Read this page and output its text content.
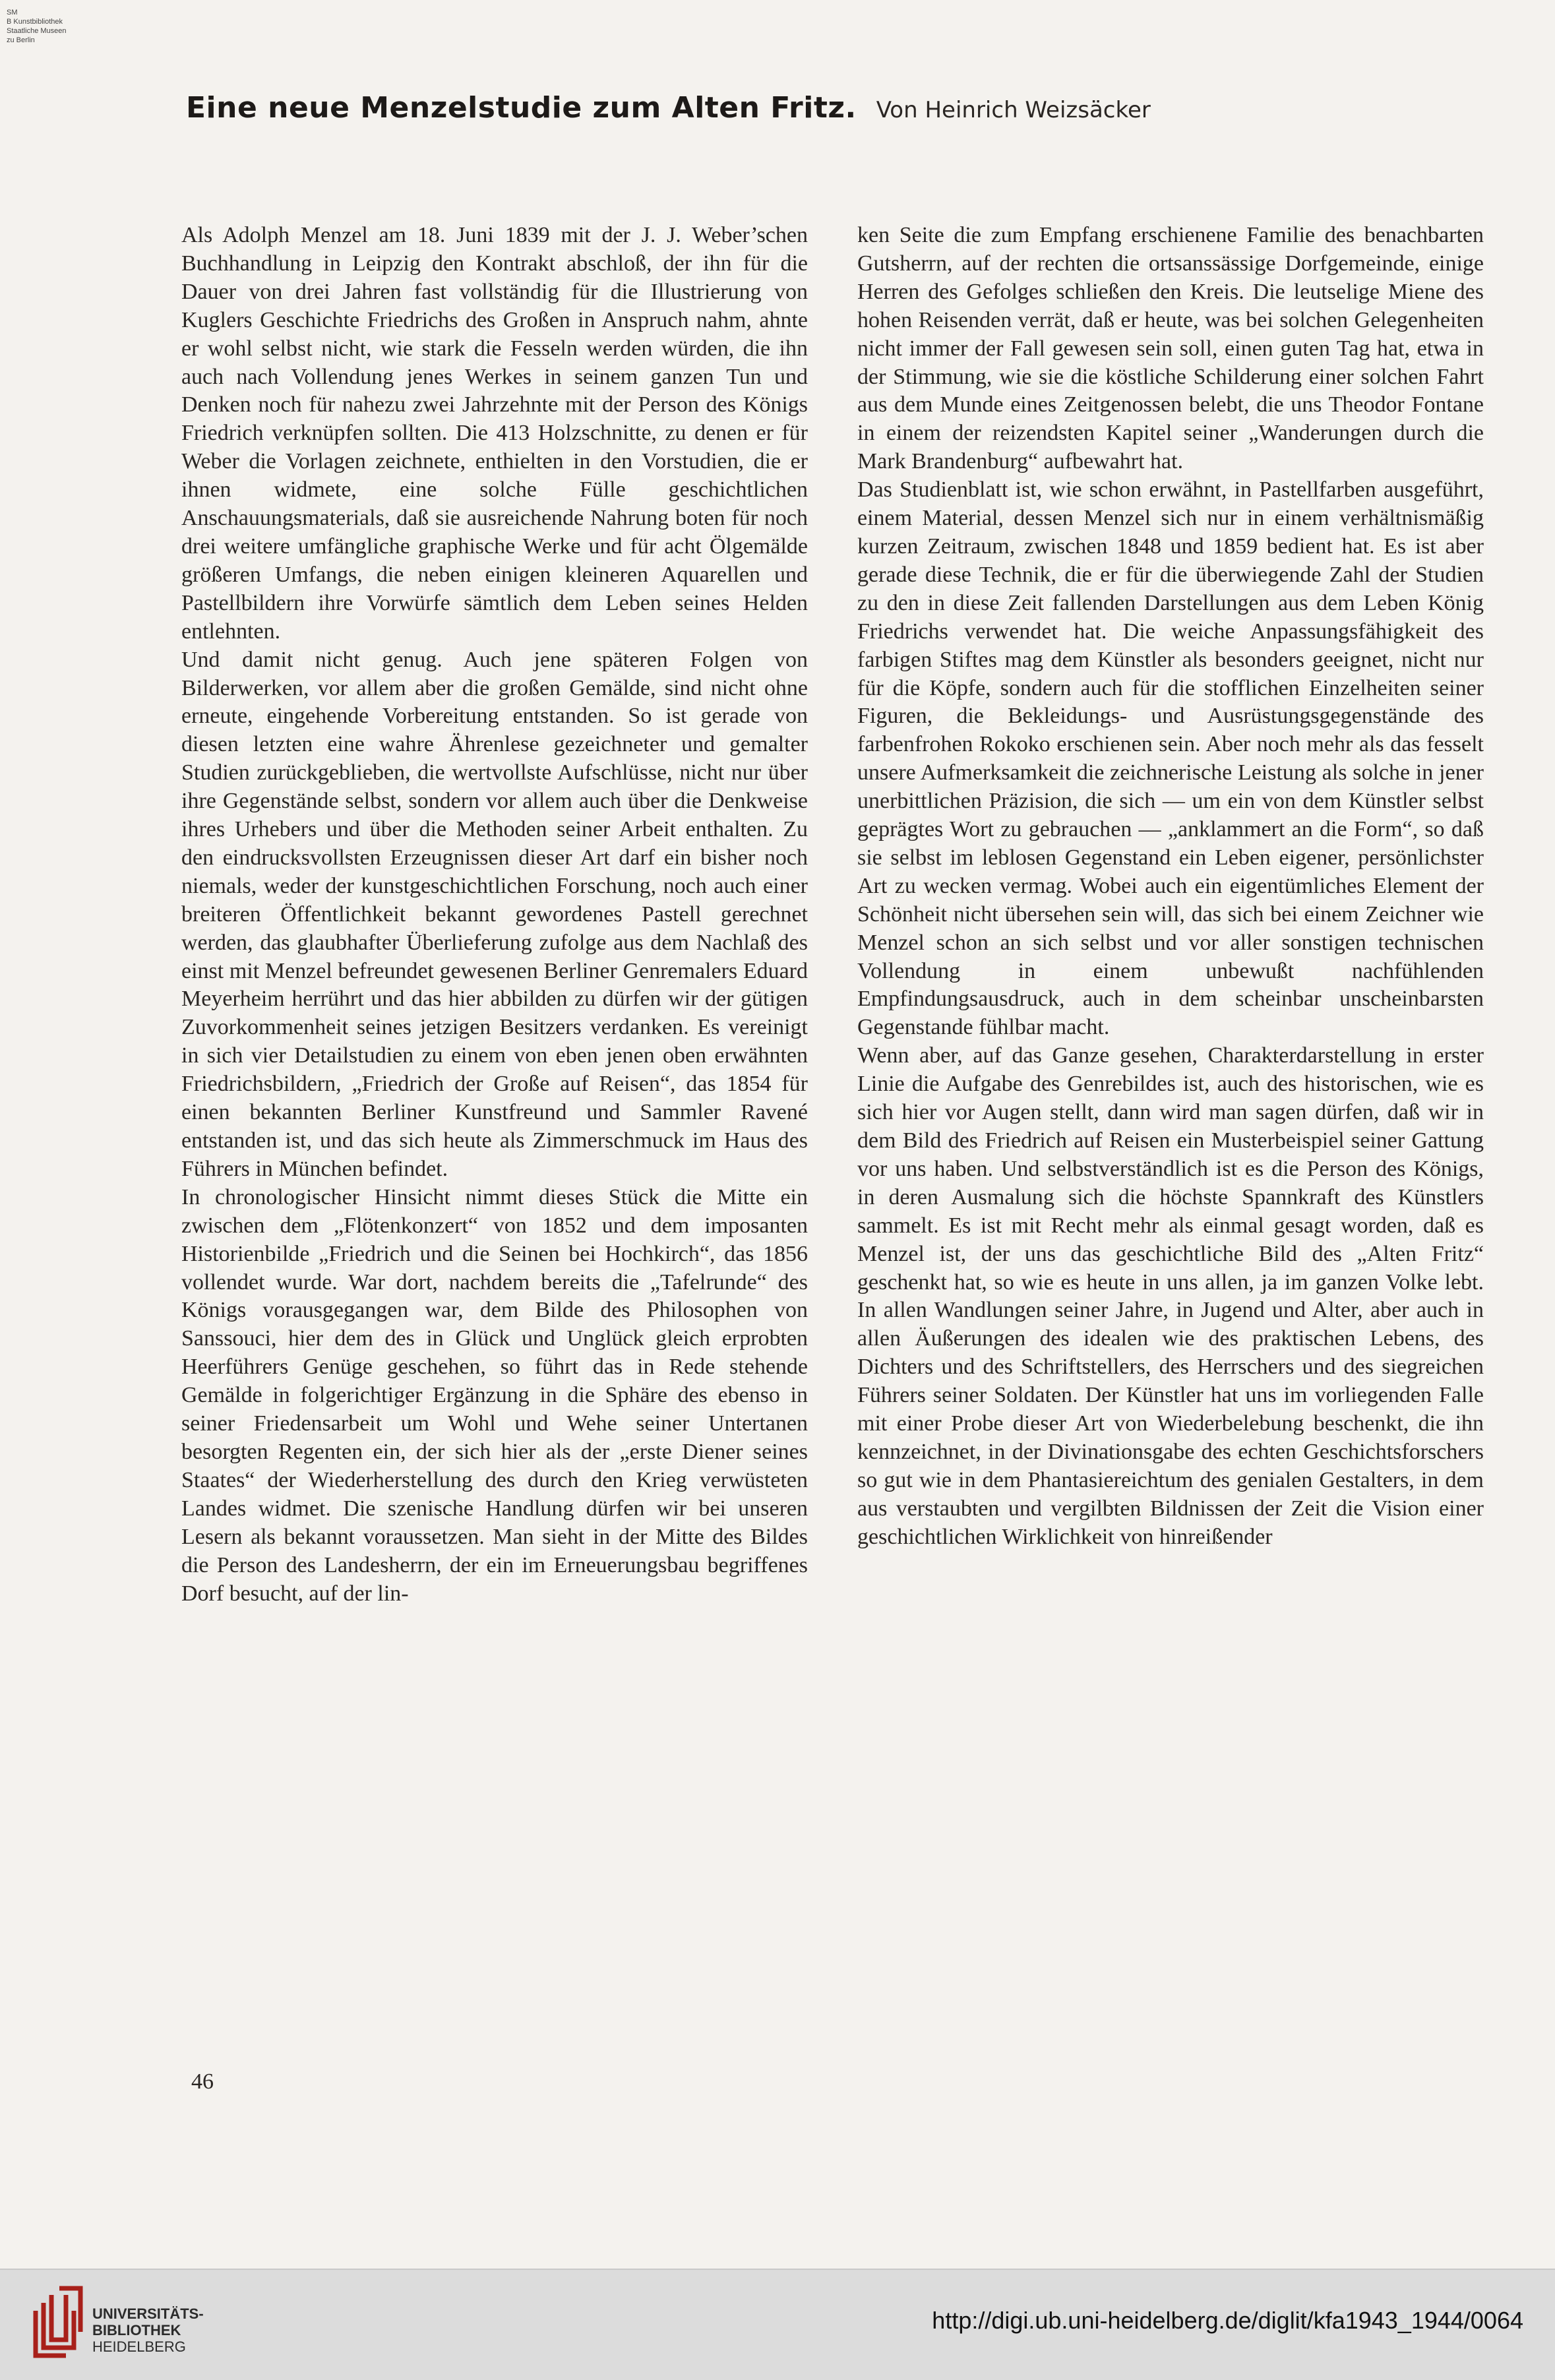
SM
B Kunstbibliothek
Staatliche Museen
zu Berlin
Eine neue Menzelstudie zum Alten Fritz. Von Heinrich Weizsäcker

Als Adolph Menzel am 18. Juni 1839 mit der J. J. Weber’schen Buchhandlung in Leipzig den Kontrakt abschloß, der ihn für die Dauer von drei Jahren fast vollständig für die Illustrierung von Kuglers Geschichte Friedrichs des Großen in Anspruch nahm, ahnte er wohl selbst nicht, wie stark die Fesseln werden würden, die ihn auch nach Vollendung jenes Werkes in seinem ganzen Tun und Denken noch für nahezu zwei Jahrzehnte mit der Person des Königs Friedrich verknüpfen sollten. Die 413 Holzschnitte, zu denen er für Weber die Vorlagen zeichnete, enthielten in den Vorstudien, die er ihnen widmete, eine solche Fülle geschichtlichen Anschauungsmaterials, daß sie ausreichende Nahrung boten für noch drei weitere umfängliche graphische Werke und für acht Ölgemälde größeren Umfangs, die neben einigen kleineren Aquarellen und Pastellbildern ihre Vorwürfe sämtlich dem Leben seines Helden entlehnten.

Und damit nicht genug. Auch jene späteren Folgen von Bilderwerken, vor allem aber die großen Gemälde, sind nicht ohne erneute, eingehende Vorbereitung entstanden. So ist gerade von diesen letzten eine wahre Ährenlese gezeichneter und gemalter Studien zurückgeblieben, die wertvollste Aufschlüsse, nicht nur über ihre Gegenstände selbst, sondern vor allem auch über die Denkweise ihres Urhebers und über die Methoden seiner Arbeit enthalten. Zu den eindrucksvollsten Erzeugnissen dieser Art darf ein bisher noch niemals, weder der kunstgeschichtlichen Forschung, noch auch einer breiteren Öffentlichkeit bekannt gewordenes Pastell gerechnet werden, das glaubhafter Überlieferung zufolge aus dem Nachlaß des einst mit Menzel befreundet gewesenen Berliner Genremalers Eduard Meyerheim herrührt und das hier abbilden zu dürfen wir der gütigen Zuvorkommenheit seines jetzigen Besitzers verdanken. Es vereinigt in sich vier Detailstudien zu einem von eben jenen oben erwähnten Friedrichsbildern, „Friedrich der Große auf Reisen“, das 1854 für einen bekannten Berliner Kunstfreund und Sammler Ravené entstanden ist, und das sich heute als Zimmerschmuck im Haus des Führers in München befindet.

In chronologischer Hinsicht nimmt dieses Stück die Mitte ein zwischen dem „Flötenkonzert“ von 1852 und dem imposanten Historienbilde „Friedrich und die Seinen bei Hochkirch“, das 1856 vollendet wurde. War dort, nachdem bereits die „Tafelrunde“ des Königs vorausgegangen war, dem Bilde des Philosophen von Sanssouci, hier dem des in Glück und Unglück gleich erprobten Heerführers Genüge geschehen, so führt das in Rede stehende Gemälde in folgerichtiger Ergänzung in die Sphäre des ebenso in seiner Friedensarbeit um Wohl und Wehe seiner Untertanen besorgten Regenten ein, der sich hier als der „erste Diener seines Staates“ der Wiederherstellung des durch den Krieg verwüsteten Landes widmet. Die szenische Handlung dürfen wir bei unseren Lesern als bekannt voraussetzen. Man sieht in der Mitte des Bildes die Person des Landesherrn, der ein im Erneuerungsbau begriffenes Dorf besucht, auf der lin-

ken Seite die zum Empfang erschienene Familie des benachbarten Gutsherrn, auf der rechten die ortsanssässige Dorfgemeinde, einige Herren des Gefolges schließen den Kreis. Die leutselige Miene des hohen Reisenden verrät, daß er heute, was bei solchen Gelegenheiten nicht immer der Fall gewesen sein soll, einen guten Tag hat, etwa in der Stimmung, wie sie die köstliche Schilderung einer solchen Fahrt aus dem Munde eines Zeitgenossen belebt, die uns Theodor Fontane in einem der reizendsten Kapitel seiner „Wanderungen durch die Mark Brandenburg“ aufbewahrt hat.

Das Studienblatt ist, wie schon erwähnt, in Pastellfarben ausgeführt, einem Material, dessen Menzel sich nur in einem verhältnismäßig kurzen Zeitraum, zwischen 1848 und 1859 bedient hat. Es ist aber gerade diese Technik, die er für die überwiegende Zahl der Studien zu den in diese Zeit fallenden Darstellungen aus dem Leben König Friedrichs verwendet hat. Die weiche Anpassungsfähigkeit des farbigen Stiftes mag dem Künstler als besonders geeignet, nicht nur für die Köpfe, sondern auch für die stofflichen Einzelheiten seiner Figuren, die Bekleidungs- und Ausrüstungsgegenstände des farbenfrohen Rokoko erschienen sein. Aber noch mehr als das fesselt unsere Aufmerksamkeit die zeichnerische Leistung als solche in jener unerbittlichen Präzision, die sich — um ein von dem Künstler selbst geprägtes Wort zu gebrauchen — „anklammert an die Form“, so daß sie selbst im leblosen Gegenstand ein Leben eigener, persönlichster Art zu wecken vermag. Wobei auch ein eigentümliches Element der Schönheit nicht übersehen sein will, das sich bei einem Zeichner wie Menzel schon an sich selbst und vor aller sonstigen technischen Vollendung in einem unbewußt nachfühlenden Empfindungsausdruck, auch in dem scheinbar unscheinbarsten Gegenstande fühlbar macht.

Wenn aber, auf das Ganze gesehen, Charakterdarstellung in erster Linie die Aufgabe des Genrebildes ist, auch des historischen, wie es sich hier vor Augen stellt, dann wird man sagen dürfen, daß wir in dem Bild des Friedrich auf Reisen ein Musterbeispiel seiner Gattung vor uns haben. Und selbstverständlich ist es die Person des Königs, in deren Ausmalung sich die höchste Spannkraft des Künstlers sammelt. Es ist mit Recht mehr als einmal gesagt worden, daß es Menzel ist, der uns das geschichtliche Bild des „Alten Fritz“ geschenkt hat, so wie es heute in uns allen, ja im ganzen Volke lebt. In allen Wandlungen seiner Jahre, in Jugend und Alter, aber auch in allen Äußerungen des idealen wie des praktischen Lebens, des Dichters und des Schriftstellers, des Herrschers und des siegreichen Führers seiner Soldaten. Der Künstler hat uns im vorliegenden Falle mit einer Probe dieser Art von Wiederbelebung beschenkt, die ihn kennzeichnet, in der Divinationsgabe des echten Geschichtsforschers so gut wie in dem Phantasiereichtum des genialen Gestalters, in dem aus verstaubten und vergilbten Bildnissen der Zeit die Vision einer geschichtlichen Wirklichkeit von hinreißender

46
UNIVERSITÄTS-
BIBLIOTHEK
HEIDELBERG
http://digi.ub.uni-heidelberg.de/diglit/kfa1943_1944/0064
